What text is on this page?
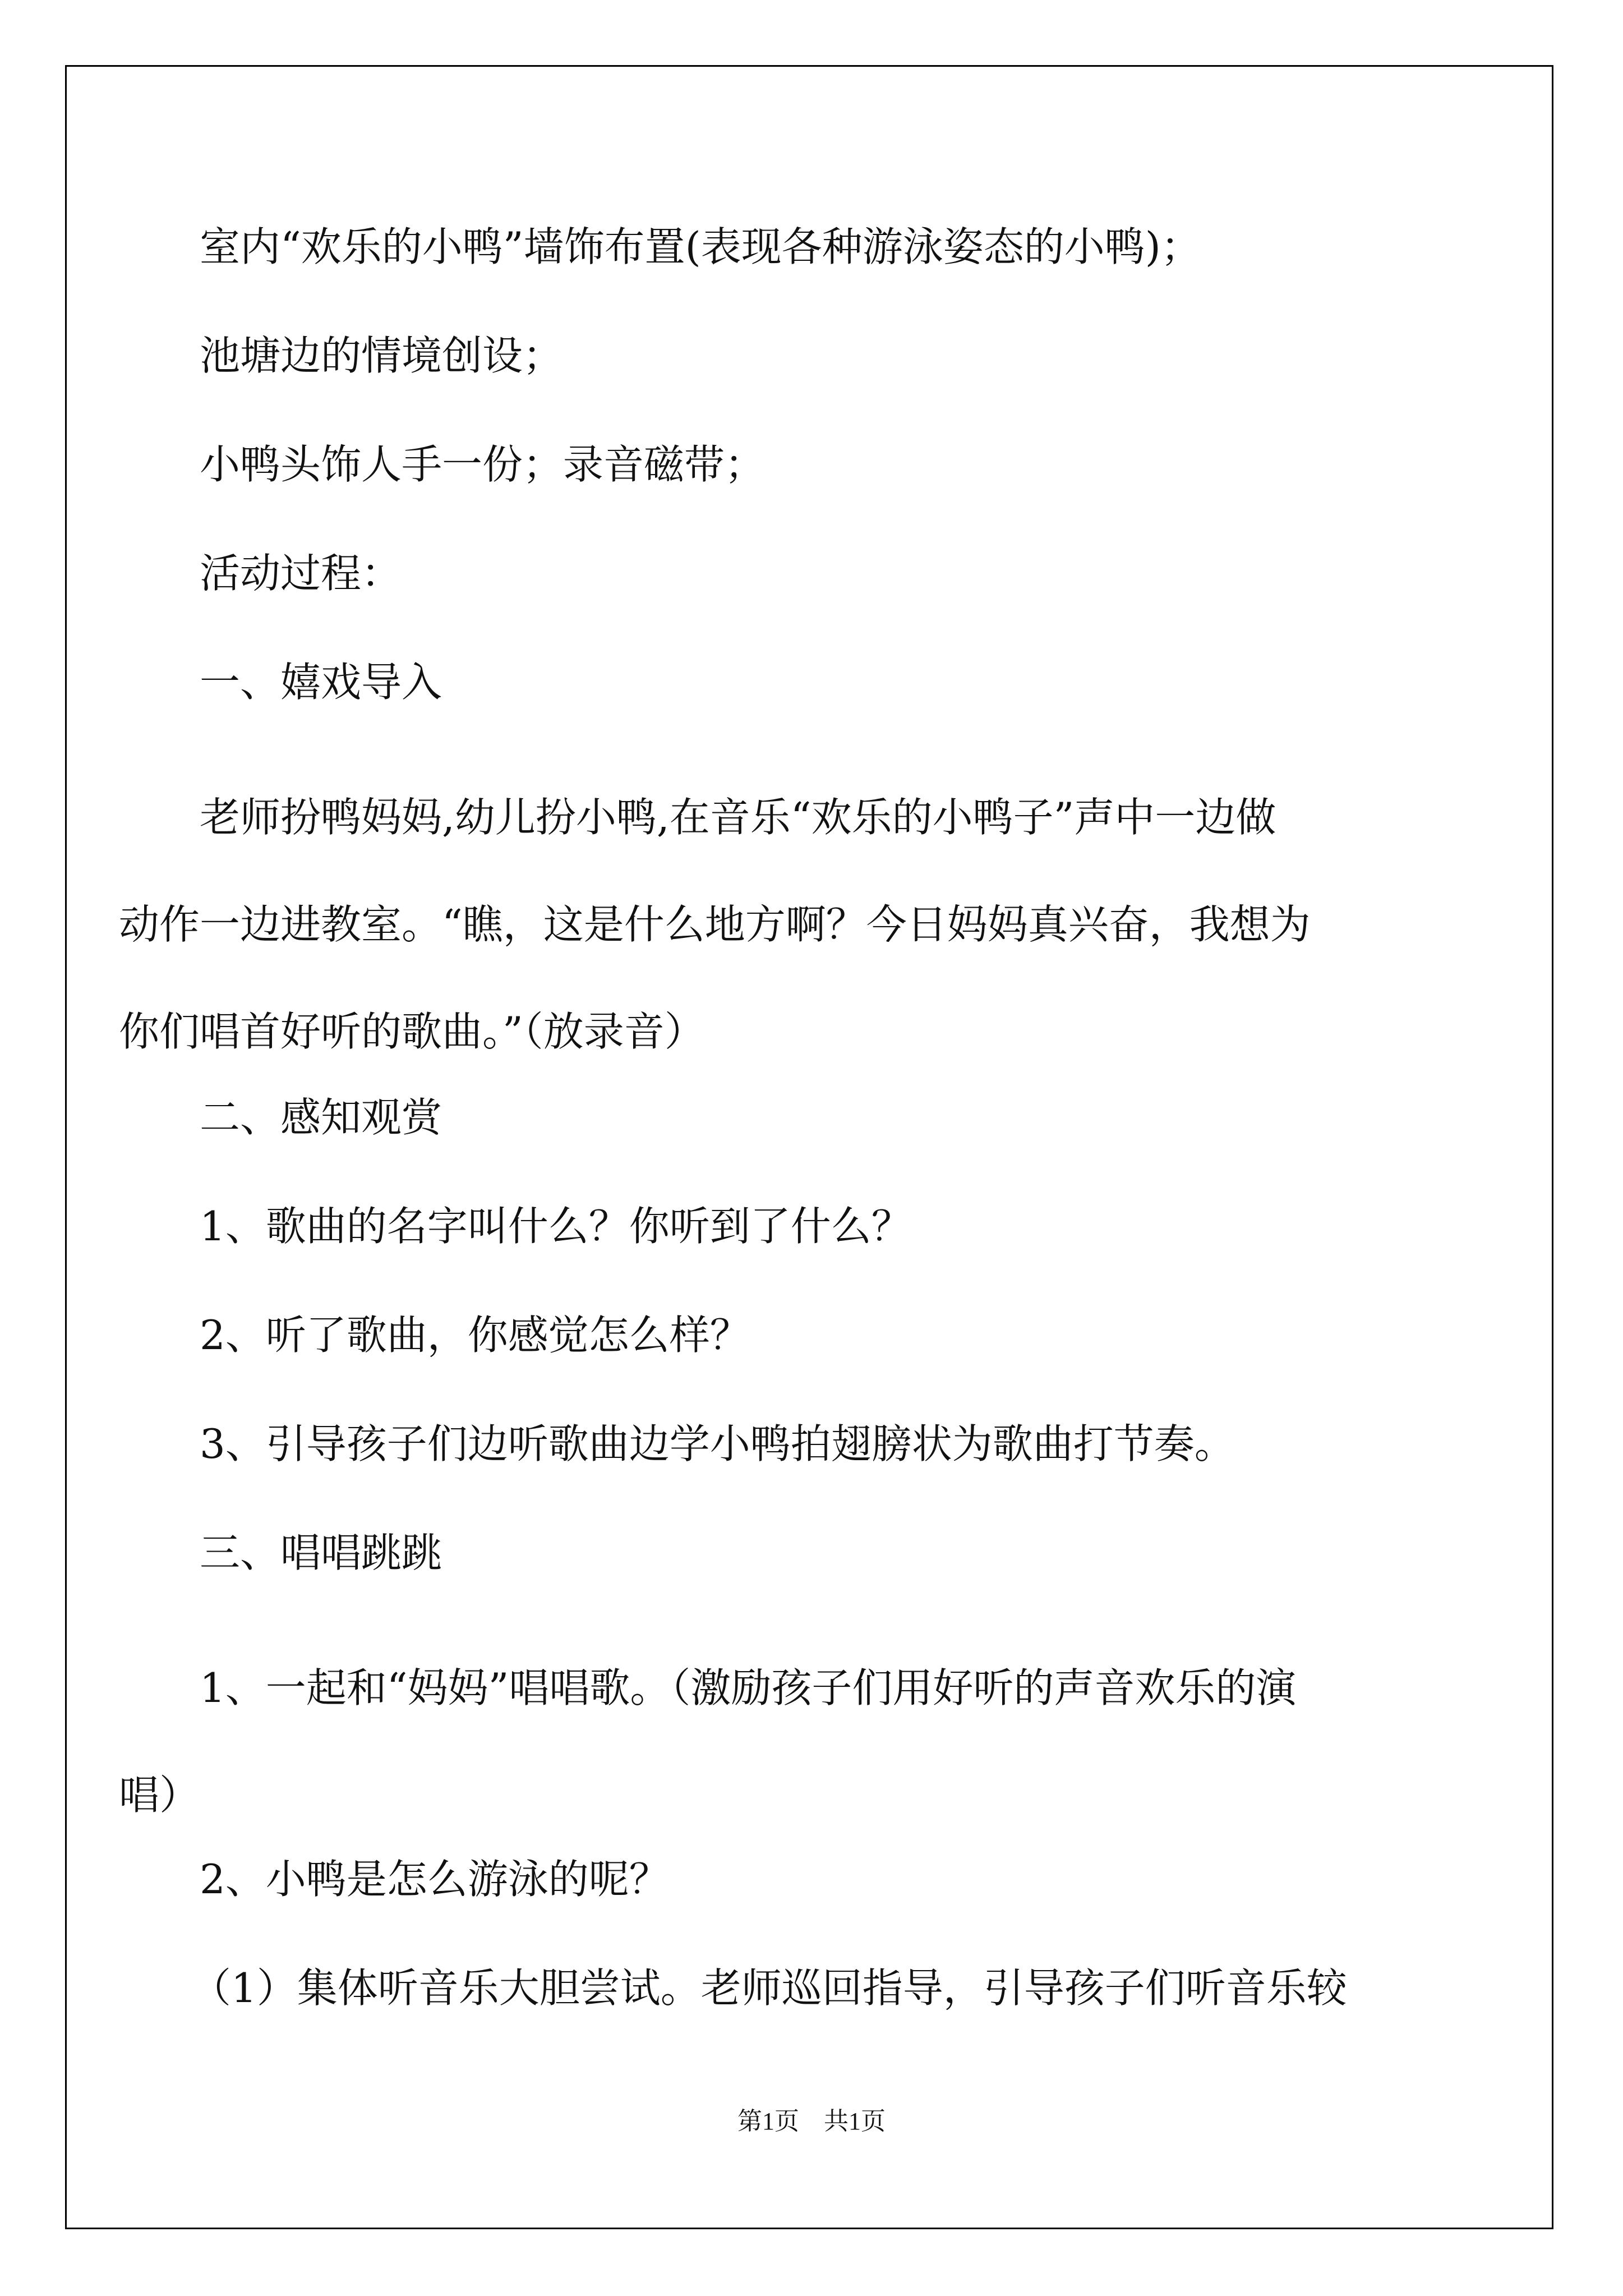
室内“欢乐的小鸭”墙饰布置(表现各种游泳姿态的小鸭)；

池塘边的情境创设；

小鸭头饰人手一份；录音磁带；

活动过程：

一、嬉戏导入

老师扮鸭妈妈,幼儿扮小鸭,在音乐“欢乐的小鸭子”声中一边做
动作一边进教室。“瞧，这是什么地方啊？今日妈妈真兴奋，我想为
你们唱首好听的歌曲。”（放录音）

二、感知观赏

1、歌曲的名字叫什么？你听到了什么？

2、听了歌曲，你感觉怎么样？

3、引导孩子们边听歌曲边学小鸭拍翅膀状为歌曲打节奏。

三、唱唱跳跳

1、一起和“妈妈”唱唱歌。（激励孩子们用好听的声音欢乐的演
唱）

2、小鸭是怎么游泳的呢？

（1）集体听音乐大胆尝试。老师巡回指导，引导孩子们听音乐较

第1页　共1页
